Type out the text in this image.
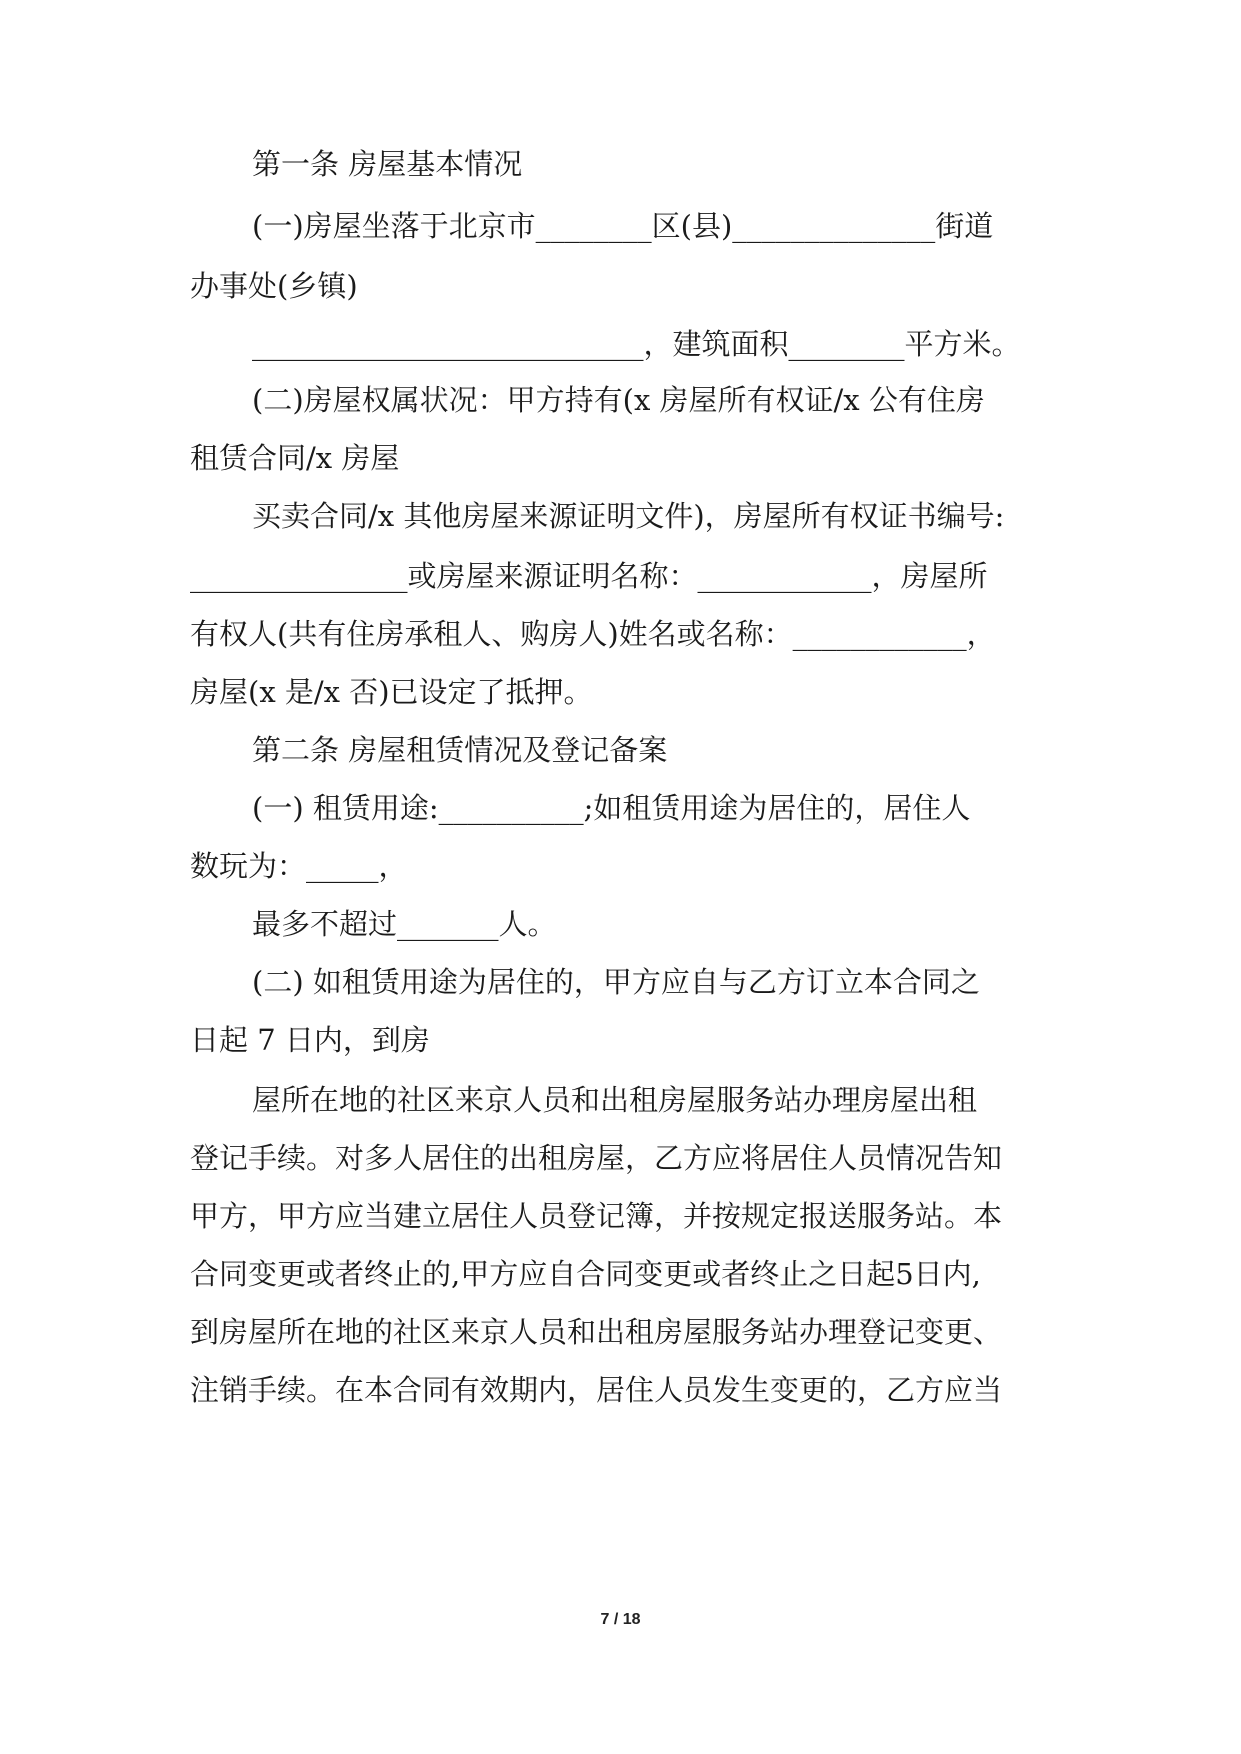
第一条 房屋基本情况
(一)房屋坐落于北京市________区(县)______________街道
办事处(乡镇)
___________________________，建筑面积________平方米。
(二)房屋权属状况：甲方持有(x 房屋所有权证/x 公有住房
租赁合同/x 房屋
买卖合同/x 其他房屋来源证明文件)，房屋所有权证书编号:
_______________或房屋来源证明名称：____________，房屋所
有权人(共有住房承租人、购房人)姓名或名称：____________，
房屋(x 是/x 否)已设定了抵押。
第二条 房屋租赁情况及登记备案
(一) 租赁用途:__________;如租赁用途为居住的，居住人
数玩为：_____，
最多不超过_______人。
(二) 如租赁用途为居住的，甲方应自与乙方订立本合同之
日起 7 日内，到房
屋所在地的社区来京人员和出租房屋服务站办理房屋出租
登记手续。对多人居住的出租房屋，乙方应将居住人员情况告知
甲方，甲方应当建立居住人员登记簿，并按规定报送服务站。本
合同变更或者终止的,甲方应自合同变更或者终止之日起5日内,
到房屋所在地的社区来京人员和出租房屋服务站办理登记变更、
注销手续。在本合同有效期内，居住人员发生变更的，乙方应当
7 / 18
